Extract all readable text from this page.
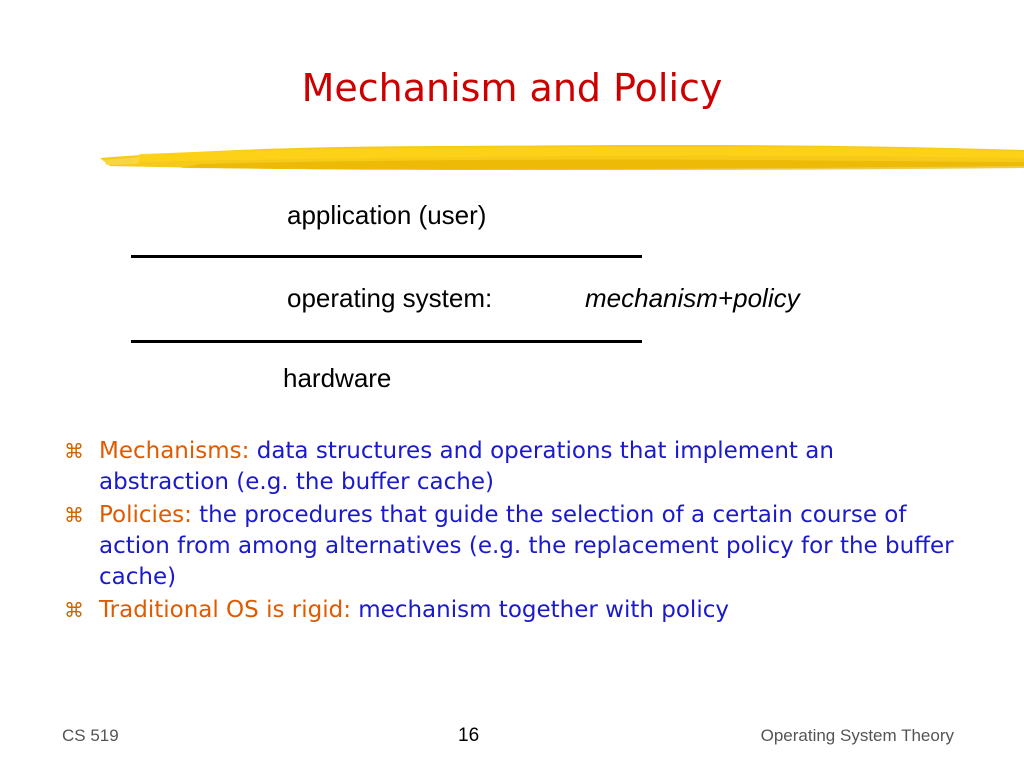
Mechanism and Policy
application (user)
operating system:	mechanism+policy
hardware
⌘ Mechanisms: data structures and operations that implement an abstraction (e.g. the buffer cache)
⌘ Policies: the procedures that guide the selection of a certain course of action from among alternatives (e.g. the replacement policy for the buffer cache)
⌘ Traditional OS is rigid: mechanism together with policy
CS 519	16	Operating System Theory
